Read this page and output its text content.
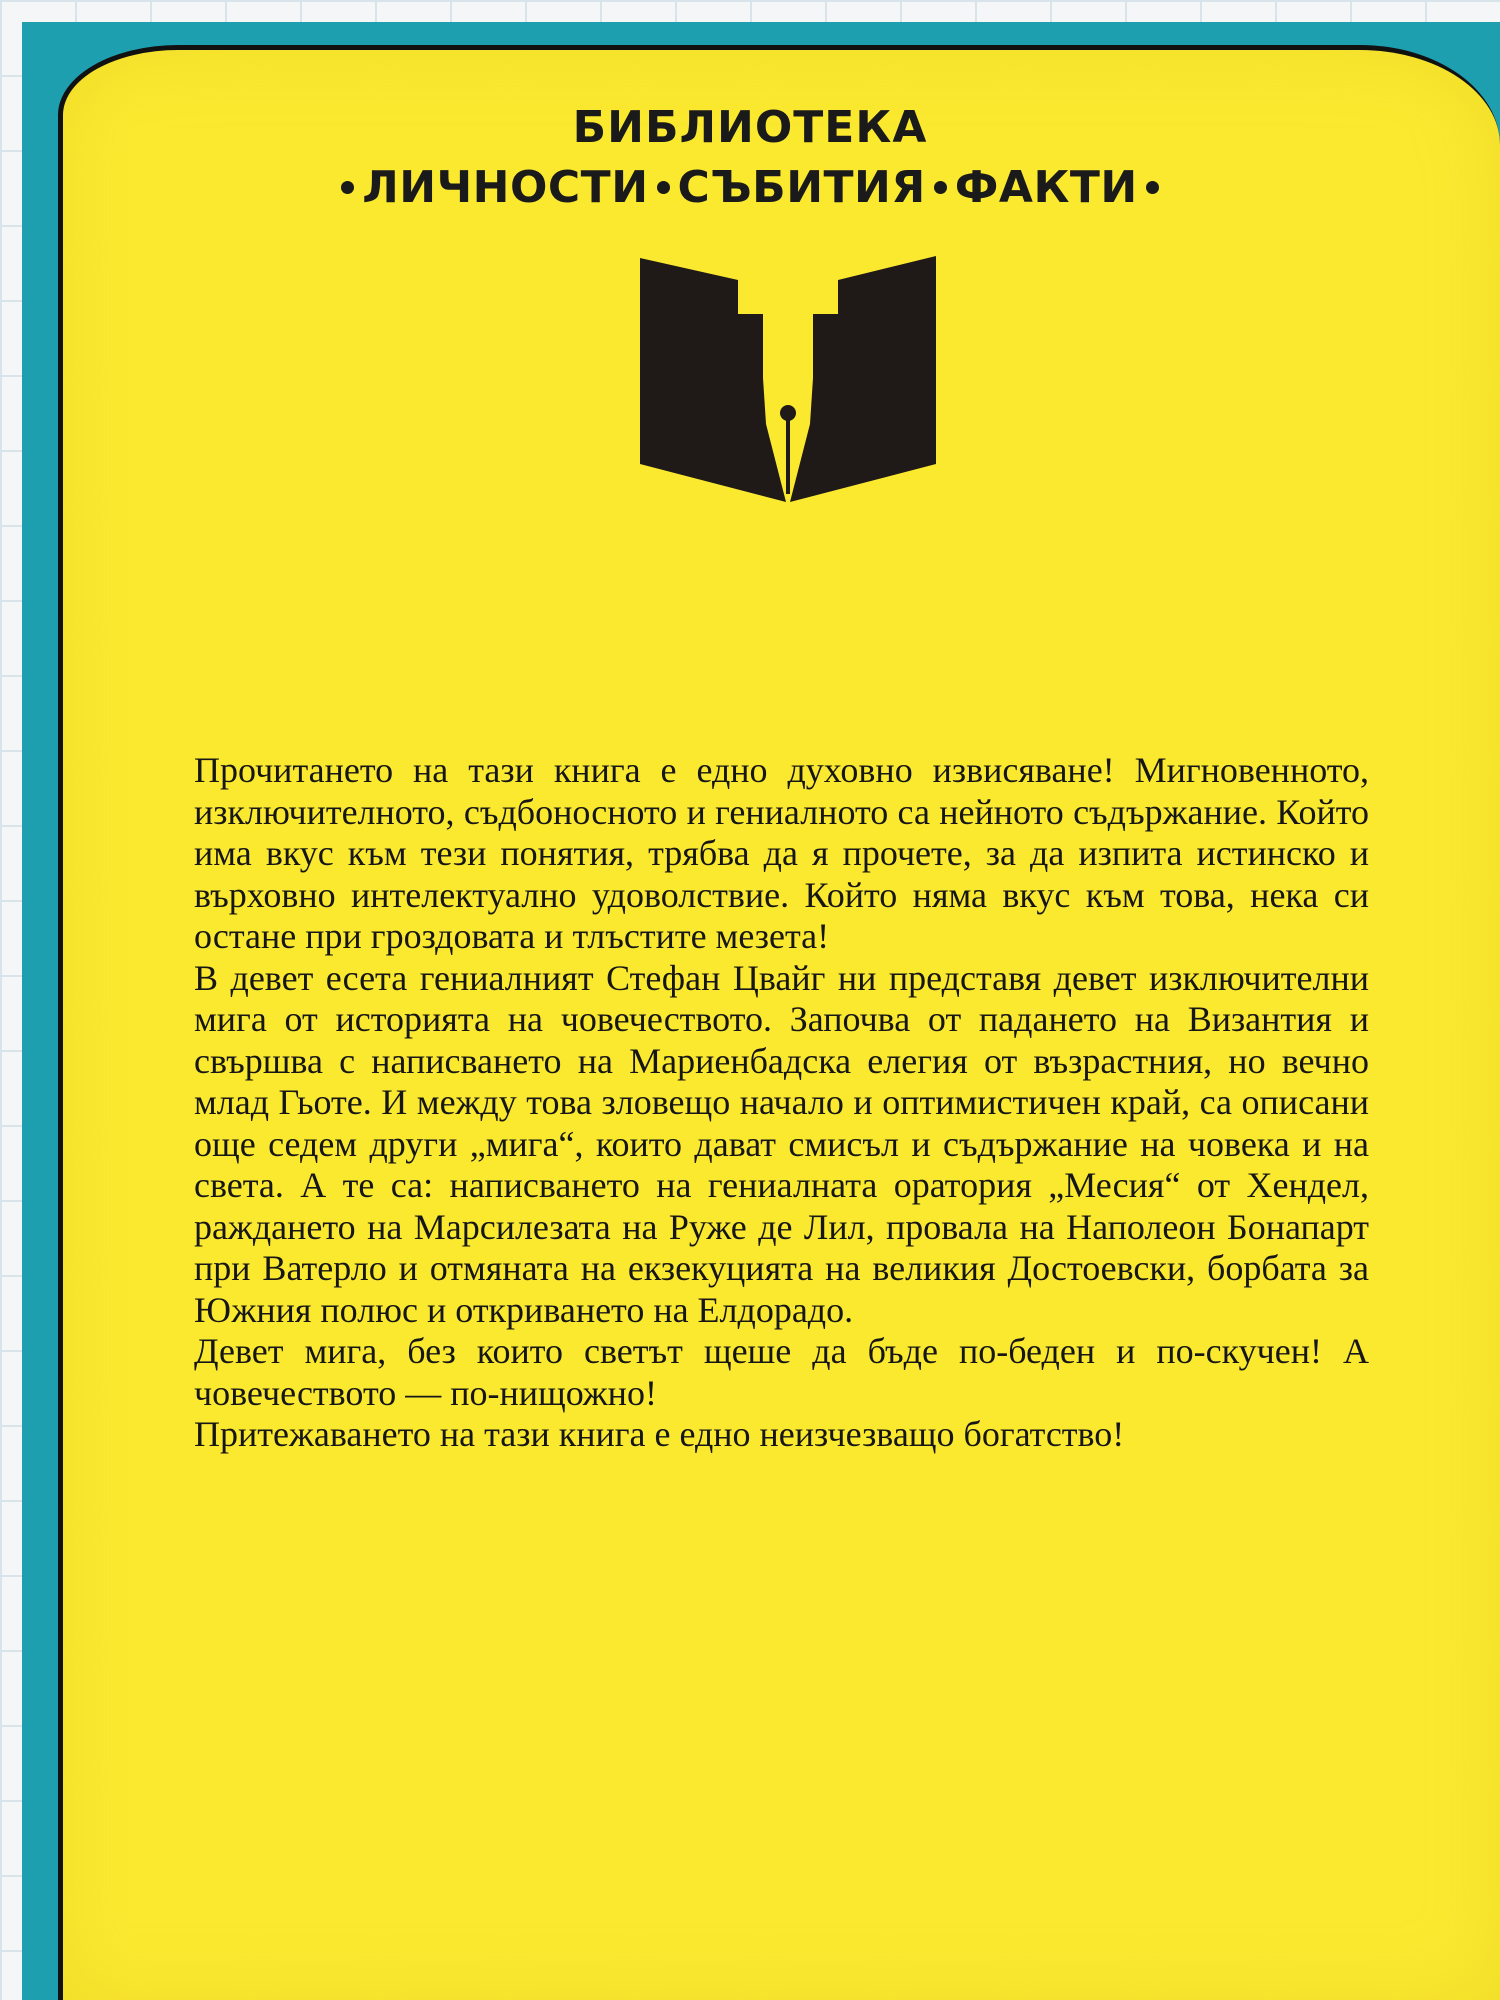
БИБЛИОТЕКА
ЛИЧНОСТИ СЪБИТИЯ ФАКТИ

Прочитането на тази книга е едно духовно извисяване! Мигновенното, изключителното, съдбоносното и гениалното са нейното съдържание. Който има вкус към тези понятия, трябва да я прочете, за да изпита истинско и върховно интелектуално удоволствие. Който няма вкус към това, нека си остане при гроздовата и тлъстите мезета!

В девет есета гениалният Стефан Цвайг ни представя девет изключителни мига от историята на човечеството. Започва от падането на Византия и свършва с написването на Мариенбадска елегия от възрастния, но вечно млад Гьоте. И между това зловещо начало и оптимистичен край, са описани още седем други „мига“, които дават смисъл и съдържание на човека и на света. А те са: написването на гениалната оратория „Месия“ от Хендел, раждането на Марсилезата на Руже де Лил, провала на Наполеон Бонапарт при Ватерло и отмяната на екзекуцията на великия Достоевски, борбата за Южния полюс и откриването на Елдорадо.

Девет мига, без които светът щеше да бъде по-беден и по-скучен! А човечеството — по-нищожно!

Притежаването на тази книга е едно неизчезващо богатство!
